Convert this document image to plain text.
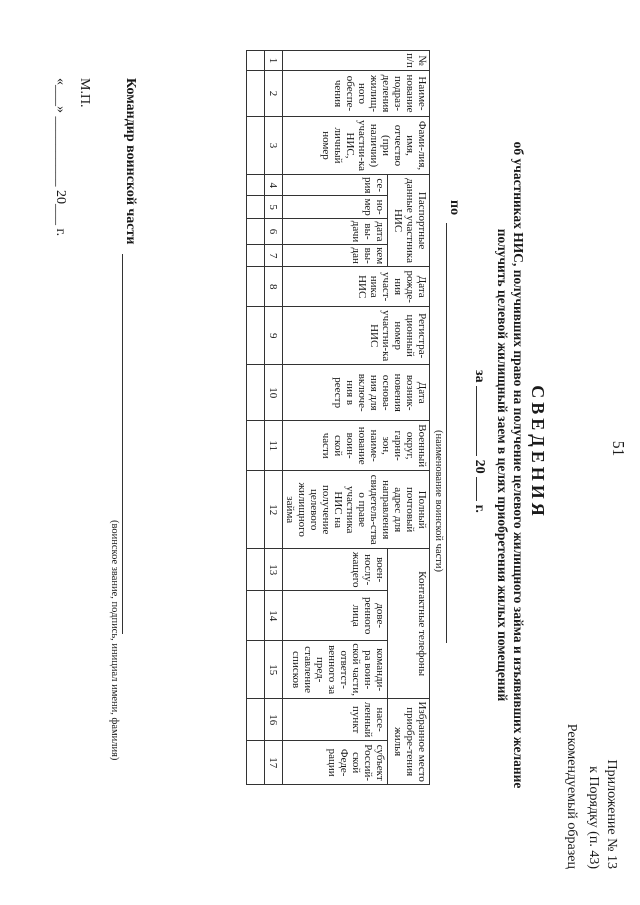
51
Приложение № 13
к Порядку (п. 43)
Рекомендуемый образец
СВЕДЕНИЯ
об участниках НИС, получивших право на получение целевого жилищного займа и изъявивших желание получить целевой жилищный заем в целях приобретения жилых помещений
за  20  г.
по
(наименование воинской части)
№ п/п	Наиме-нование подраз-деления жилищ-ного обеспе-чения	Фами-лия, имя, отчество (при наличии) участни-ка НИС, личный номер	Паспортные данные участника НИС				Дата рожде-ния участ-ника НИС	Регистра-ционный номер участни-ка НИС	Дата возник-новения основа-ния для включе-ния в реестр	Военный округ, гарни-зон, наиме-нование воин-ской части	Полный почтовый адрес для направления свидетель-ства о праве участника НИС на получение целевого жилищного займа	Контактные телефоны			Избранное место приобре-тения жилья	
			се-рия	но-мер	дата вы-дачи	кем вы-дан						воен-нослу-жащего	дове-ренного лица	команди-ра воин-ской части, ответст-венного за пред-ставление списков	насе-ленный пункт	субъект Россий-ской Феде-рации
1	2	3	4	5	6	7	8	9	10	11	12	13	14	15	16	17

Командир воинской части
(воинское звание, подпись, инициал имени, фамилия)
М.П.
«___» __________ 20___ г.
